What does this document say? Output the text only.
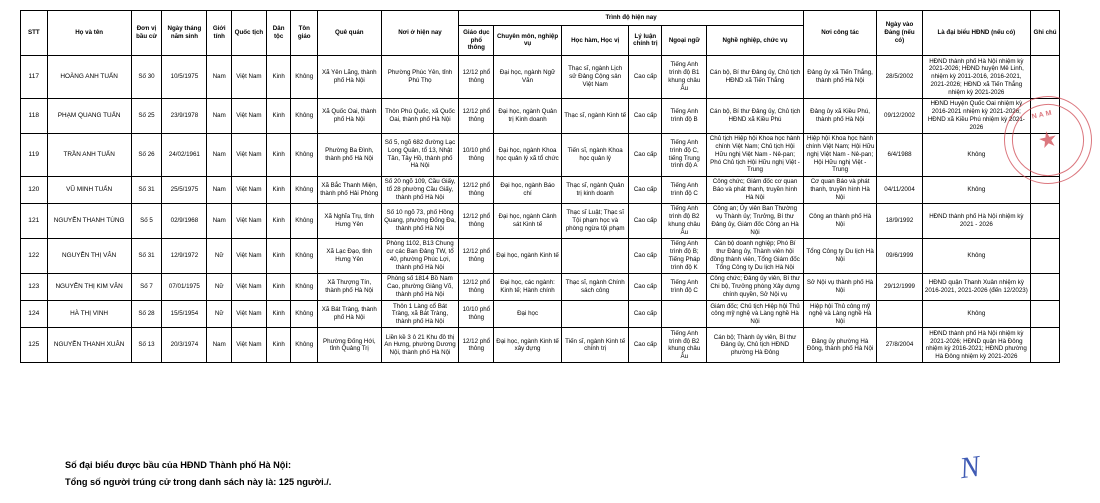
STT	Họ và tên	Đơn vị bầu cử	Ngày tháng năm sinh	Giới tính	Quốc tịch	Dân tộc	Tôn giáo	Quê quán	Nơi ở hiện nay	Trình độ hiện nay						Nơi công tác	Ngày vào Đảng (nếu có)	Là đại biểu HĐND (nếu có)	Ghi chú
										Giáo dục phổ thông	Chuyên môn, nghiệp vụ	Học hàm, Học vị	Lý luận chính trị	Ngoại ngữ	Nghề nghiệp, chức vụ				
117	HOÀNG ANH TUẤN	Số 30	10/5/1975	Nam	Việt Nam	Kinh	Không	Xã Yên Lãng, thành phố Hà Nội	Phường Phúc Yên, tỉnh Phú Thọ	12/12 phổ thông	Đại học, ngành Ngữ Văn	Thạc sĩ, ngành Lịch sử Đảng Cộng sản Việt Nam	Cao cấp	Tiếng Anh trình độ B1 khung châu Âu	Cán bộ, Bí thư Đảng ủy, Chủ tịch HĐND xã Tiến Thắng	Đảng ủy xã Tiến Thắng, thành phố Hà Nội	28/5/2002	HĐND thành phố Hà Nội nhiệm kỳ 2021-2026; HĐND huyện Mê Linh, nhiệm kỳ 2011-2016, 2016-2021, 2021-2026; HĐND xã Tiến Thắng nhiệm kỳ 2021-2026	
118	PHẠM QUANG TUẤN	Số 25	23/9/1978	Nam	Việt Nam	Kinh	Không	Xã Quốc Oai, thành phố Hà Nội	Thôn Phú Quốc, xã Quốc Oai, thành phố Hà Nội	12/12 phổ thông	Đại học, ngành Quản trị Kinh doanh	Thạc sĩ, ngành Kinh tế	Cao cấp	Tiếng Anh trình độ B	Cán bộ, Bí thư Đảng ủy, Chủ tịch HĐND xã Kiều Phú	Đảng ủy xã Kiều Phú, thành phố Hà Nội	09/12/2002	HĐND Huyện Quốc Oai nhiệm kỳ 2016-2021 nhiệm kỳ 2021-2026; HĐND xã Kiều Phú nhiệm kỳ 2021-2026	
119	TRẦN ANH TUẤN	Số 26	24/02/1961	Nam	Việt Nam	Kinh	Không	Phường Ba Đình, thành phố Hà Nội	Số 5, ngõ 682 đường Lạc Long Quân, tổ 13, Nhật Tân, Tây Hồ, thành phố Hà Nội	10/10 phổ thông	Đại học, ngành Khoa học quản lý xã tổ chức	Tiến sĩ, ngành Khoa học quản lý	Cao cấp	Tiếng Anh trình độ C, tiếng Trung trình độ A	Chủ tịch Hiệp hội Khoa học hành chính Việt Nam; Chủ tịch Hội Hữu nghị Việt Nam - Nê-pan; Phó Chủ tịch Hội Hữu nghị Việt - Trung	Hiệp hội Khoa học hành chính Việt Nam; Hội Hữu nghị Việt Nam - Nê-pan; Hội Hữu nghị Việt - Trung	6/4/1988	Không	
120	VŨ MINH TUẤN	Số 31	25/5/1975	Nam	Việt Nam	Kinh	Không	Xã Bắc Thanh Miện, thành phố Hải Phòng	Số 20 ngõ 109, Cầu Giấy, tổ 28 phường Cầu Giấy, thành phố Hà Nội	12/12 phổ thông	Đại học, ngành Báo chí	Thạc sĩ, ngành Quản trị kinh doanh	Cao cấp	Tiếng Anh trình độ C	Công chức; Giám đốc cơ quan Báo và phát thanh, truyền hình Hà Nội	Cơ quan Báo và phát thanh, truyền hình Hà Nội	04/11/2004	Không	
121	NGUYỄN THANH TÙNG	Số 5	02/9/1968	Nam	Việt Nam	Kinh	Không	Xã Nghĩa Trụ, tỉnh Hưng Yên	Số 10 ngõ 73, phố Hồng Quang, phường Đống Đa, thành phố Hà Nội	12/12 phổ thông	Đại học, ngành Cảnh sát Kinh tế	Thạc sĩ Luật; Thạc sĩ Tội phạm học và phòng ngừa tội phạm	Cao cấp	Tiếng Anh trình độ B2 khung châu Âu	Công an; Ủy viên Ban Thường vụ Thành ủy; Trưởng, Bí thư Đảng ủy, Giám đốc Công an Hà Nội	Công an thành phố Hà Nội	18/9/1992	HĐND thành phố Hà Nội nhiệm kỳ 2021 - 2026	
122	NGUYỄN THỊ VÂN	Số 31	12/9/1972	Nữ	Việt Nam	Kinh	Không	Xã Lạc Đạo, tỉnh Hưng Yên	Phòng 1102, B13 Chung cư các Ban Đảng TW, tổ 40, phường Phúc Lợi, thành phố Hà Nội	12/12 phổ thông	Đại học, ngành Kinh tế		Cao cấp	Tiếng Anh trình độ B; Tiếng Pháp trình độ K	Cán bộ doanh nghiệp; Phó Bí thư Đảng ủy, Thành viên hội đồng thành viên, Tổng Giám đốc Tổng Công ty Du lịch Hà Nội	Tổng Công ty Du lịch Hà Nội	09/6/1999	Không	
123	NGUYỄN THỊ KIM VÂN	Số 7	07/01/1975	Nữ	Việt Nam	Kinh	Không	Xã Thượng Tín, thành phố Hà Nội	Phòng số 1814 Bồ Nam Cao, phường Giảng Võ, thành phố Hà Nội	12/12 phổ thông	Đại học, các ngành: Kinh tế; Hành chính	Thạc sĩ, ngành Chính sách công	Cao cấp	Tiếng Anh trình độ C	Công chức; Đảng ủy viên, Bí thư Chi bộ, Trưởng phòng Xây dựng chính quyền, Sở Nội vụ	Sở Nội vụ thành phố Hà Nội	29/12/1999	HĐND quận Thanh Xuân nhiệm kỳ 2016-2021, 2021-2026 (đến 12/2023)	
124	HÀ THỊ VINH	Số 28	15/5/1954	Nữ	Việt Nam	Kinh	Không	Xã Bát Tràng, thành phố Hà Nội	Thôn 1 Làng cổ Bát Tràng, xã Bát Tràng, thành phố Hà Nội	10/10 phổ thông	Đại học		Cao cấp		Giám đốc; Chủ tịch Hiệp hội Thủ công mỹ nghệ và Làng nghề Hà Nội	Hiệp hội Thủ công mỹ nghệ và Làng nghề Hà Nội		Không	
125	NGUYỄN THANH XUÂN	Số 13	20/3/1974	Nam	Việt Nam	Kinh	Không	Phường Đống Hới, tỉnh Quảng Trị	Liền kề 3 ô 21 Khu đô thị An Hưng, phường Dương Nội, thành phố Hà Nội	12/12 phổ thông	Đại học, ngành Kinh tế xây dựng	Tiến sĩ, ngành Kinh tế chính trị	Cao cấp	Tiếng Anh trình độ B2 khung châu Âu	Cán bộ; Thành ủy viên, Bí thư Đảng ủy, Chủ tịch HĐND phường Hà Đông	Đảng ủy phường Hà Đông, thành phố Hà Nội	27/8/2004	HĐND thành phố Hà Nội nhiệm kỳ 2021-2026; HĐND quận Hà Đông nhiệm kỳ 2016-2021; HĐND phường Hà Đông nhiệm kỳ 2021-2026	
Số đại biểu được bầu của HĐND Thành phố Hà Nội:
Tổng số người trúng cử trong danh sách này là: 125 người./.
NAM
★
N
